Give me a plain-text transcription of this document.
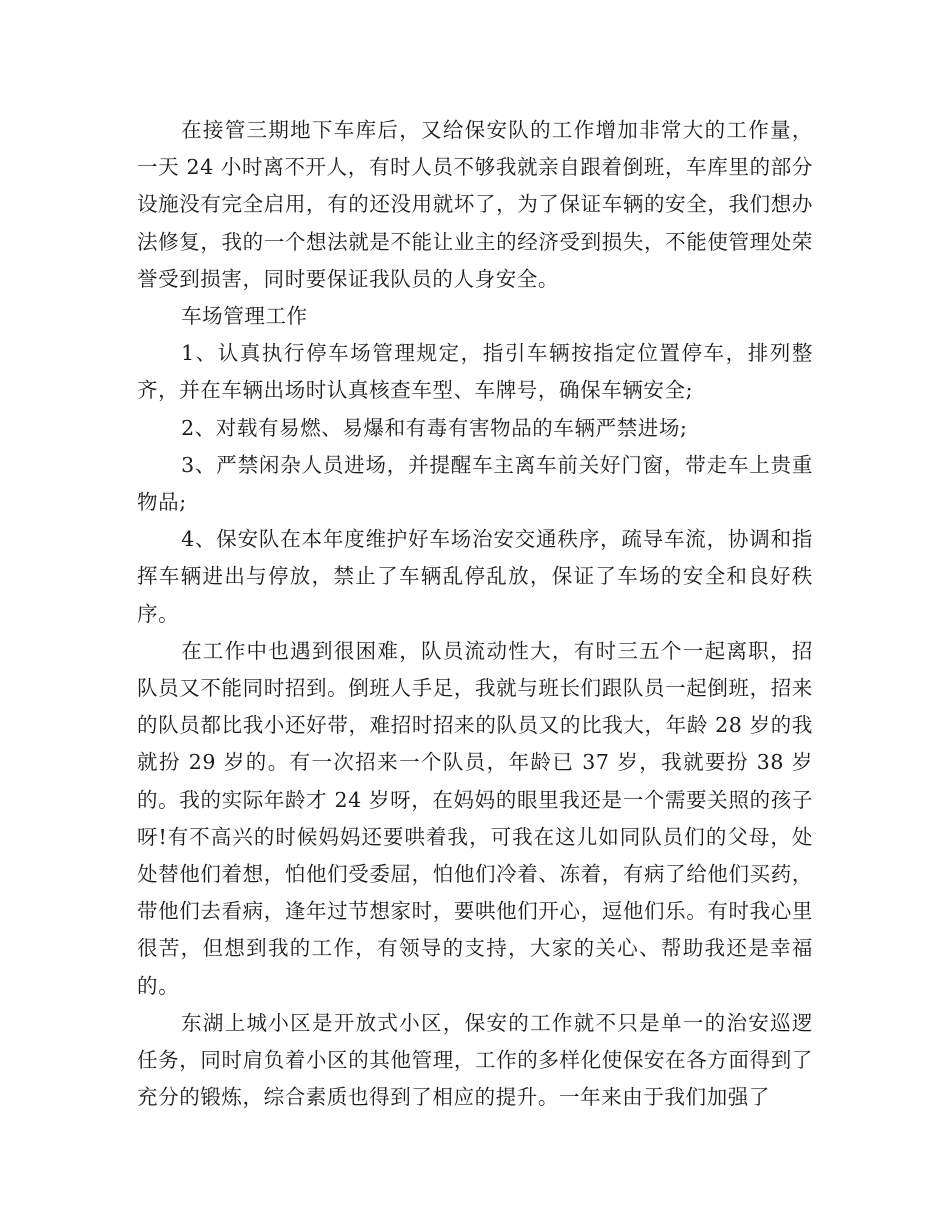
在接管三期地下车库后，又给保安队的工作增加非常大的工作量，一天 24 小时离不开人，有时人员不够我就亲自跟着倒班，车库里的部分设施没有完全启用，有的还没用就坏了，为了保证车辆的安全，我们想办法修复，我的一个想法就是不能让业主的经济受到损失，不能使管理处荣誉受到损害，同时要保证我队员的人身安全。

车场管理工作

1、认真执行停车场管理规定，指引车辆按指定位置停车，排列整齐，并在车辆出场时认真核查车型、车牌号，确保车辆安全;

2、对载有易燃、易爆和有毒有害物品的车辆严禁进场;

3、严禁闲杂人员进场，并提醒车主离车前关好门窗，带走车上贵重物品;

4、保安队在本年度维护好车场治安交通秩序，疏导车流，协调和指挥车辆进出与停放，禁止了车辆乱停乱放，保证了车场的安全和良好秩序。

在工作中也遇到很困难，队员流动性大，有时三五个一起离职，招队员又不能同时招到。倒班人手足，我就与班长们跟队员一起倒班，招来的队员都比我小还好带，难招时招来的队员又的比我大，年龄 28 岁的我就扮 29 岁的。有一次招来一个队员，年龄已 37 岁，我就要扮 38 岁的。我的实际年龄才 24 岁呀，在妈妈的眼里我还是一个需要关照的孩子呀!有不高兴的时候妈妈还要哄着我，可我在这儿如同队员们的父母，处处替他们着想，怕他们受委屈，怕他们冷着、冻着，有病了给他们买药，带他们去看病，逢年过节想家时，要哄他们开心，逗他们乐。有时我心里很苦，但想到我的工作，有领导的支持，大家的关心、帮助我还是幸福的。

东湖上城小区是开放式小区，保安的工作就不只是单一的治安巡逻任务，同时肩负着小区的其他管理，工作的多样化使保安在各方面得到了充分的锻炼，综合素质也得到了相应的提升。一年来由于我们加强了
